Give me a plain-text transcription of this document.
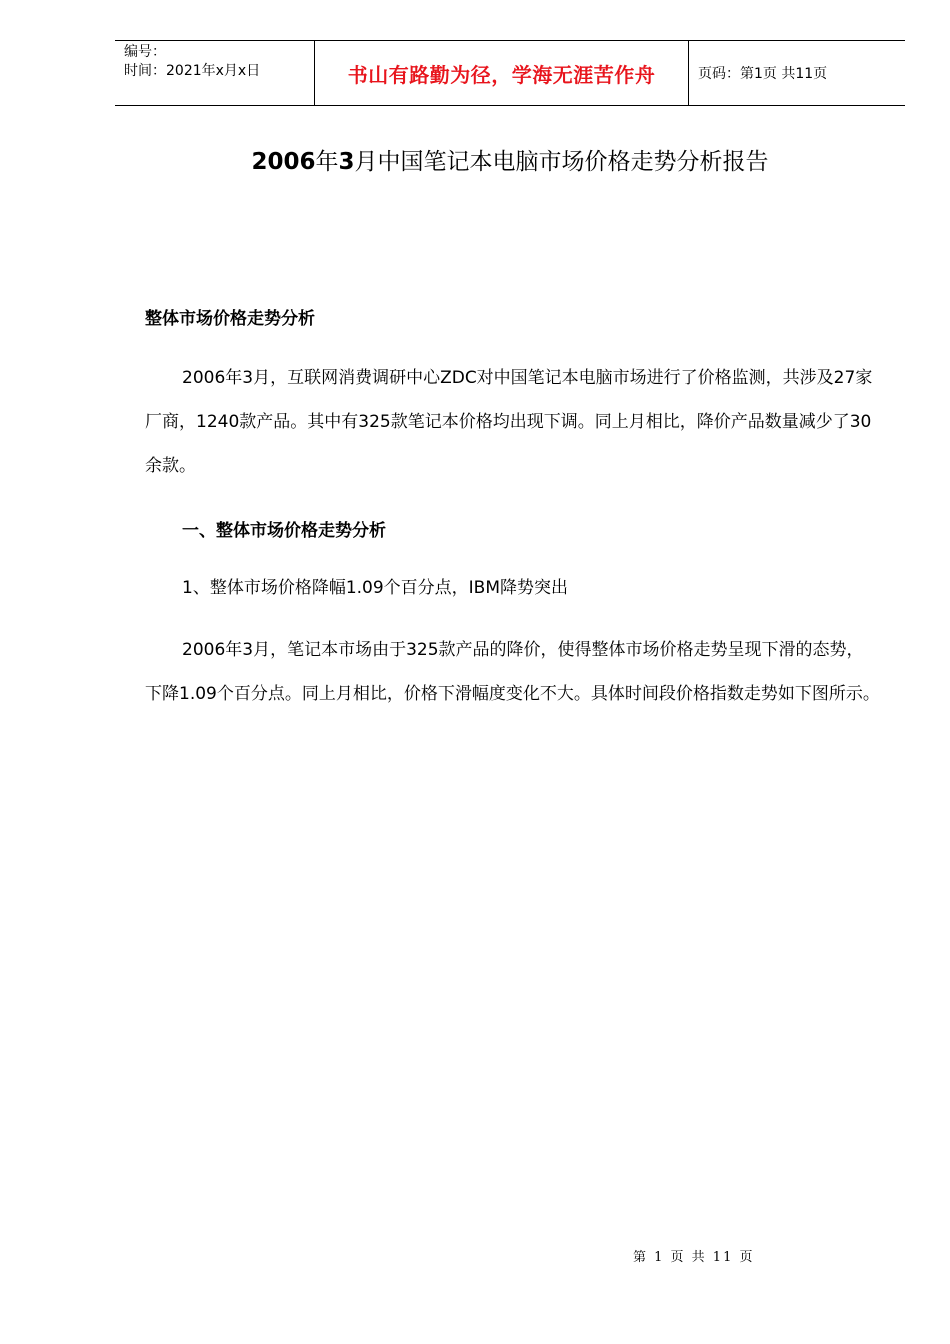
编号：
时间：2021年x月x日	书山有路勤为径，学海无涯苦作舟	页码：第1页 共11页
2006年3月中国笔记本电脑市场价格走势分析报告
整体市场价格走势分析

2006年3月，互联网消费调研中心ZDC对中国笔记本电脑市场进行了价格监测，共涉及27家厂商，1240款产品。其中有325款笔记本价格均出现下调。同上月相比，降价产品数量减少了30余款。

一、整体市场价格走势分析
1、整体市场价格降幅1.09个百分点，IBM降势突出

2006年3月，笔记本市场由于325款产品的降价，使得整体市场价格走势呈现下滑的态势，下降1.09个百分点。同上月相比，价格下滑幅度变化不大。具体时间段价格指数走势如下图所示。

第 1 页 共 11 页
